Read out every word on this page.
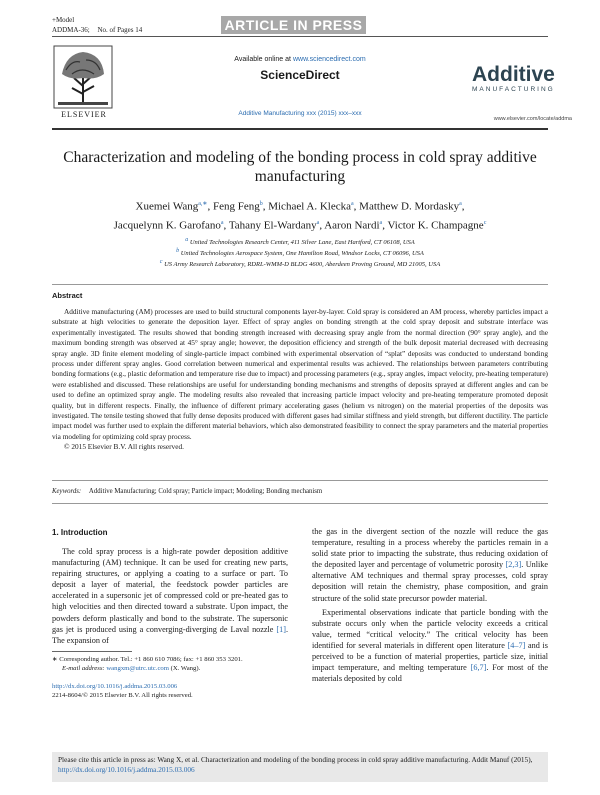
+Model
ADDMA-36; No. of Pages 14	ARTICLE IN PRESS
ELSEVIER
Available online at www.sciencedirect.com
ScienceDirect
Additive Manufacturing xxx (2015) xxx–xxx
Additive
MANUFACTURING
www.elsevier.com/locate/addma
Characterization and modeling of the bonding process in cold spray additive manufacturing
Xuemei Wang$^{a,∗}$, Feng Feng$^b$, Michael A. Klecka$^a$, Matthew D. Mordasky$^a$,
Jacquelynn K. Garofano$^a$, Tahany El-Wardany$^a$, Aaron Nardi$^a$, Victor K. Champagne$^c$
$^a$ United Technologies Research Center, 411 Silver Lane, East Hartford, CT 06108, USA
$^b$ United Technologies Aerospace System, One Hamilton Road, Windsor Locks, CT 06096, USA
$^c$ US Army Research Laboratory, RDRL-WMM-D BLDG 4600, Aberdeen Proving Ground, MD 21005, USA
Abstract
Additive manufacturing (AM) processes are used to build structural components layer-by-layer. Cold spray is considered an AM process, whereby particles impact a substrate at high velocities to generate the deposition layer. Effect of spray angles on bonding strength at the cold spray deposit and substrate interface was experimentally investigated. The results showed that bonding strength increased with decreasing spray angle from the normal direction (90° spray angle), and the maximum bonding strength was observed at 45° spray angle; however, the deposition efficiency and strength of the bulk deposit material decreased with decreasing spray angle. 3D finite element modeling of single-particle impact combined with experimental observation of “splat” deposits was conducted to understand bonding process under different spray angles. Good correlation between numerical and experimental results was achieved. The relationships between parameters contributing bonding formations (e.g., plastic deformation and temperature rise due to impact) and processing parameters (e.g., spray angles, impact velocity, pre-heating temperature) were established and discussed. These relationships are useful for understanding bonding mechanisms and strengths of deposits sprayed at different angles and can be used to define an optimized spray angle. The modeling results also revealed that increasing particle impact velocity and pre-heating temperature promoted deposit quality, but in different respects. Finally, the influence of different primary accelerating gases (helium vs nitrogen) on the material properties of the deposits was investigated. The tensile testing showed that fully dense deposits produced with different gases had similar stiffness and yield strength, but different ductility. The particle impact model was further used to explain the different material behaviors, which also demonstrated feasibility to connect the spray parameters and the material properties via modeling for optimizing cold spray process.
© 2015 Elsevier B.V. All rights reserved.
Keywords: Additive Manufacturing; Cold spray; Particle impact; Modeling; Bonding mechanism
1. Introduction
The cold spray process is a high-rate powder deposition additive manufacturing (AM) technique. It can be used for creating new parts, repairing structures, or applying a coating to a surface or part. To deposit a layer of material, the feedstock powder particles are accelerated in a supersonic jet of compressed cold or pre-heated gas to high velocities and then directed toward a substrate. Upon impact, the powders deform plastically and bond to the substrate. The supersonic gas jet is produced using a converging-diverging de Laval nozzle [1]. The expansion of

the gas in the divergent section of the nozzle will reduce the gas temperature, resulting in a process whereby the particles remain in a solid state prior to impacting the substrate, thus reducing oxidation of the deposited layer and percentage of volumetric porosity [2,3]. Unlike alternative AM techniques and thermal spray processes, cold spray deposition will retain the chemistry, phase composition, and grain structure of the solid state precursor powder material.

Experimental observations indicate that particle bonding with the substrate occurs only when the particle velocity exceeds a critical value, termed “critical velocity.” The critical velocity has been identified for several materials in different open literature [4–7] and is perceived to be a function of material properties, particle size, initial impact temperature, and melting temperature [6,7]. For most of the materials deposited by cold

∗ Corresponding author. Tel.: +1 860 610 7086; fax: +1 860 353 3201.
E-mail address: wangxm@utrc.utc.com (X. Wang).
http://dx.doi.org/10.1016/j.addma.2015.03.006
2214-8604/© 2015 Elsevier B.V. All rights reserved.
Please cite this article in press as: Wang X, et al. Characterization and modeling of the bonding process in cold spray additive manufacturing. Addit Manuf (2015), http://dx.doi.org/10.1016/j.addma.2015.03.006
